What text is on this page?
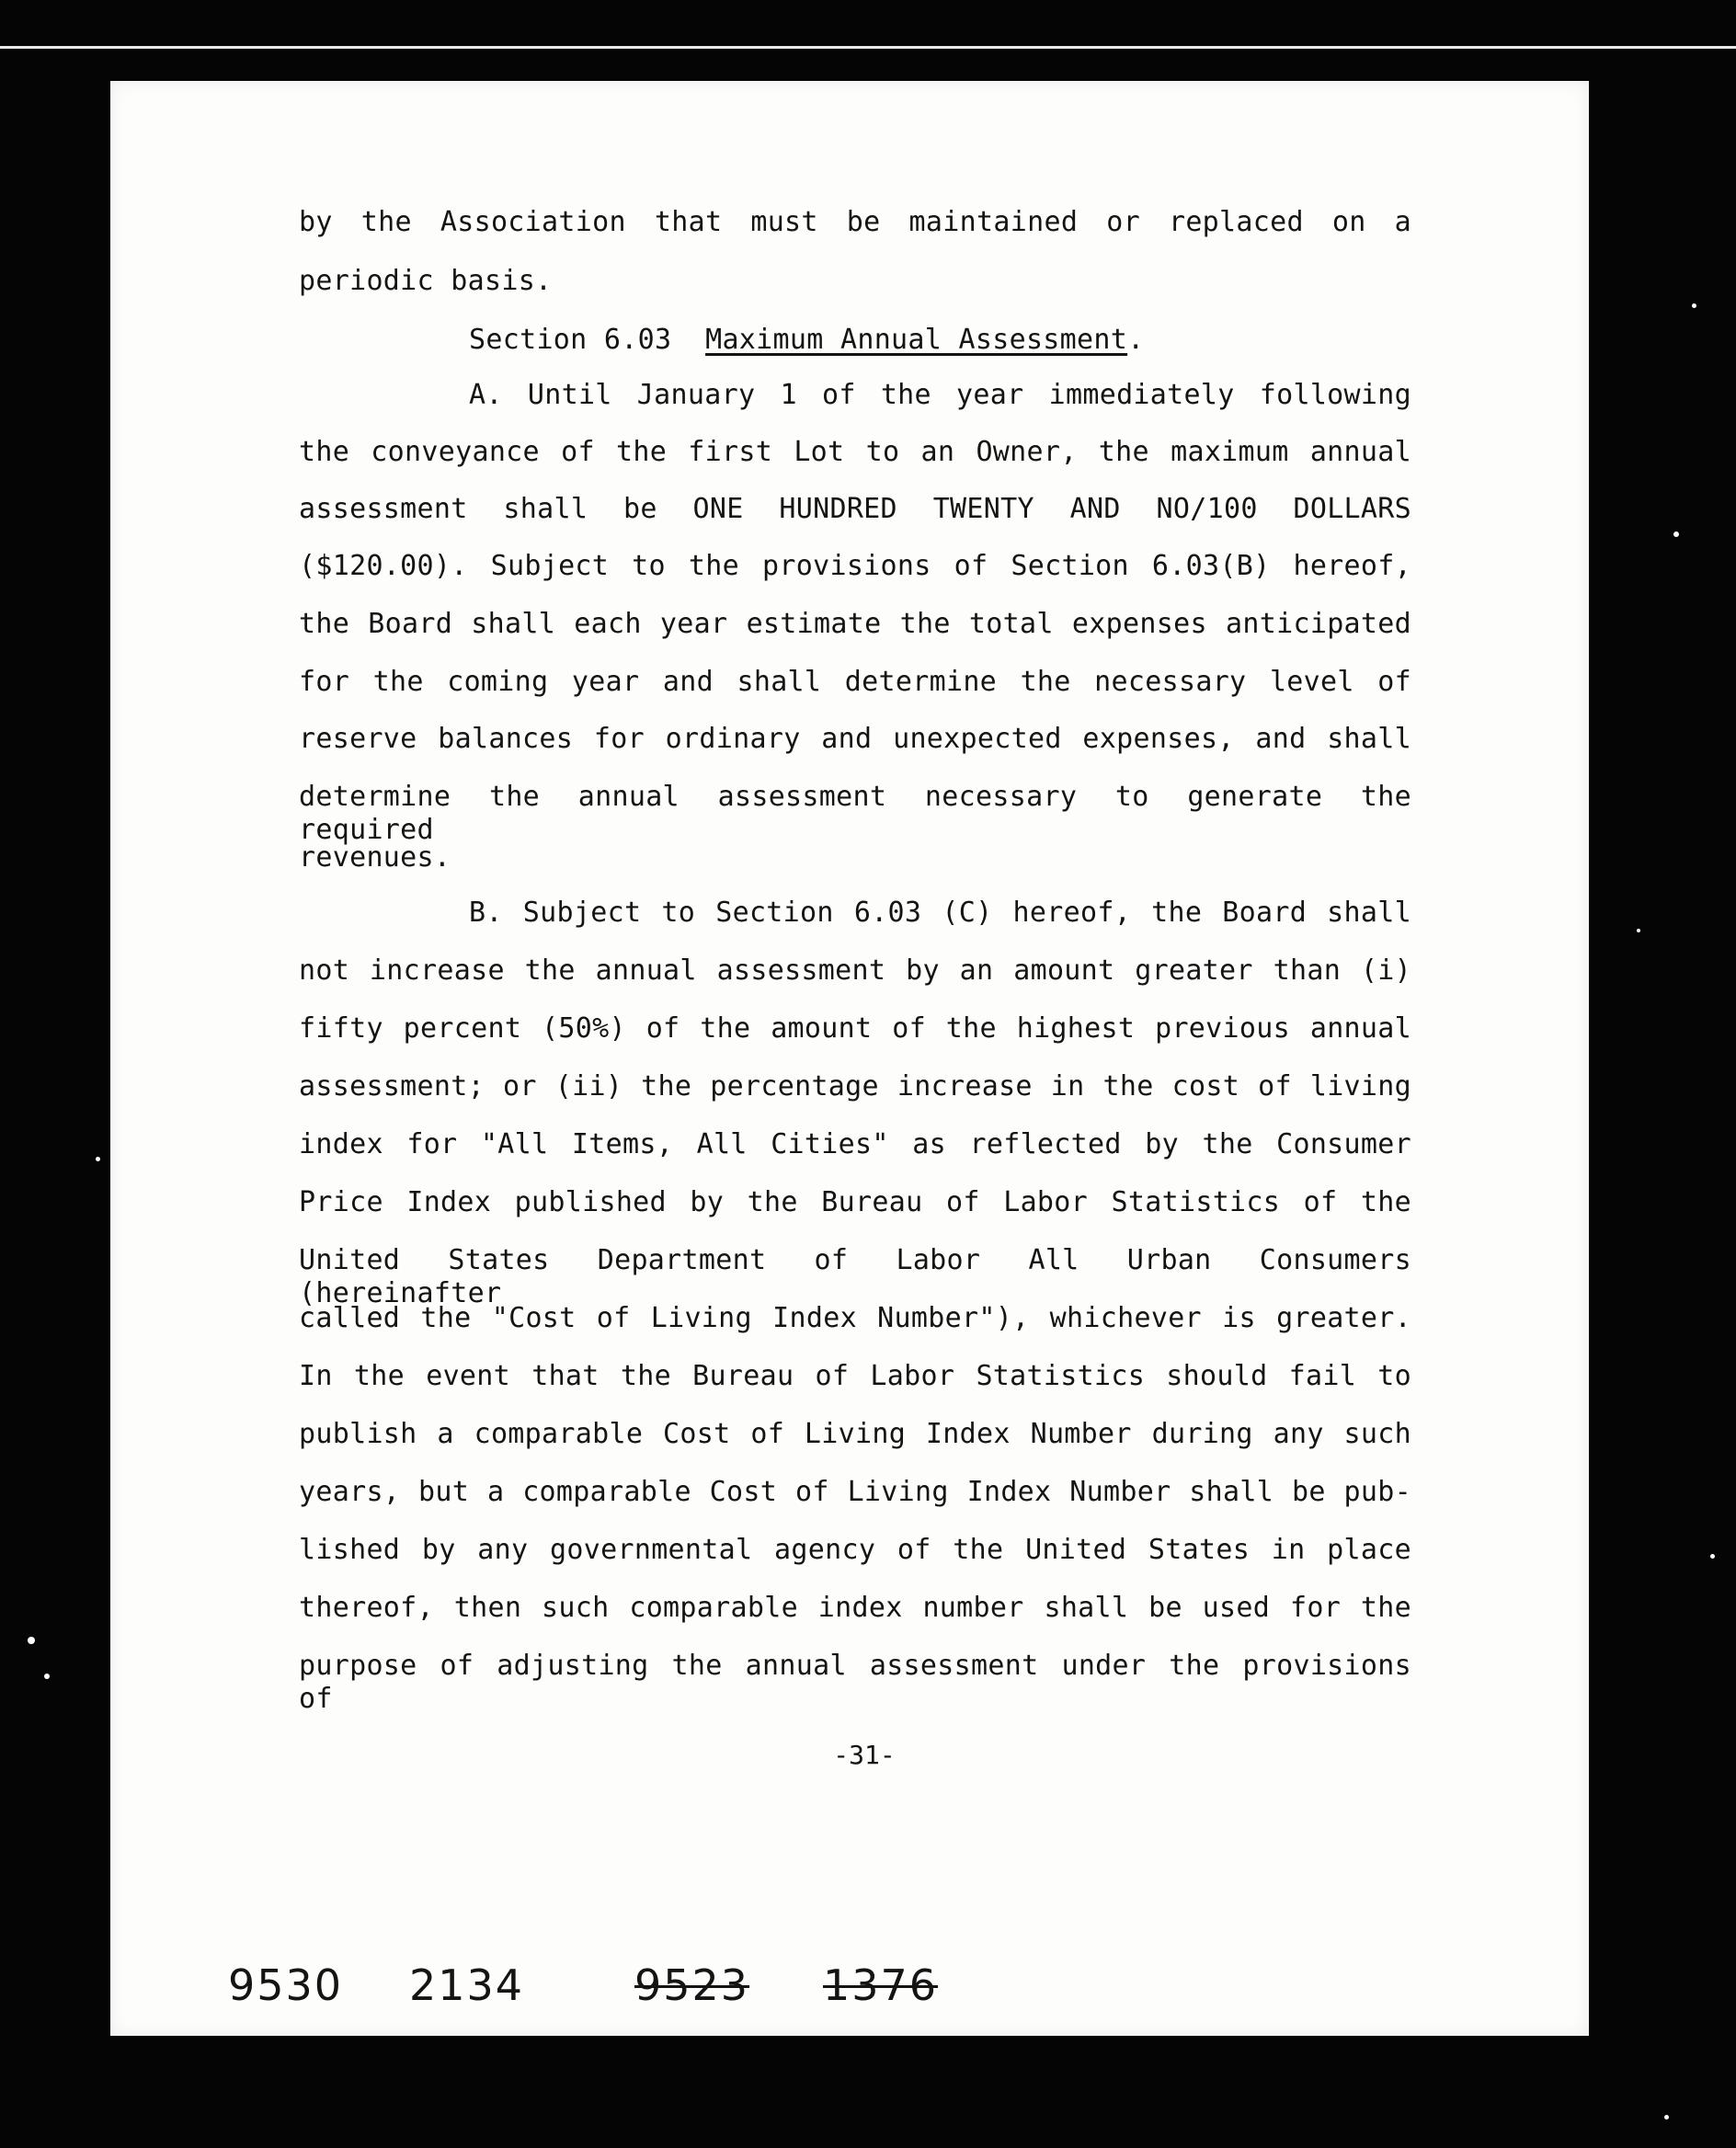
by the Association that must be maintained or replaced on a
periodic basis.
Section 6.03 Maximum Annual Assessment.
A. Until January 1 of the year immediately following
the conveyance of the first Lot to an Owner, the maximum annual
assessment shall be ONE HUNDRED TWENTY AND NO/100 DOLLARS
($120.00). Subject to the provisions of Section 6.03(B) hereof,
the Board shall each year estimate the total expenses anticipated
for the coming year and shall determine the necessary level of
reserve balances for ordinary and unexpected expenses, and shall
determine the annual assessment necessary to generate the required
revenues.
B. Subject to Section 6.03 (C) hereof, the Board shall
not increase the annual assessment by an amount greater than (i)
fifty percent (50%) of the amount of the highest previous annual
assessment; or (ii) the percentage increase in the cost of living
index for "All Items, All Cities" as reflected by the Consumer
Price Index published by the Bureau of Labor Statistics of the
United States Department of Labor All Urban Consumers (hereinafter
called the "Cost of Living Index Number"), whichever is greater.
In the event that the Bureau of Labor Statistics should fail to
publish a comparable Cost of Living Index Number during any such
years, but a comparable Cost of Living Index Number shall be pub-
lished by any governmental agency of the United States in place
thereof, then such comparable index number shall be used for the
purpose of adjusting the annual assessment under the provisions of
-31-
9530 2134	9523 1376
